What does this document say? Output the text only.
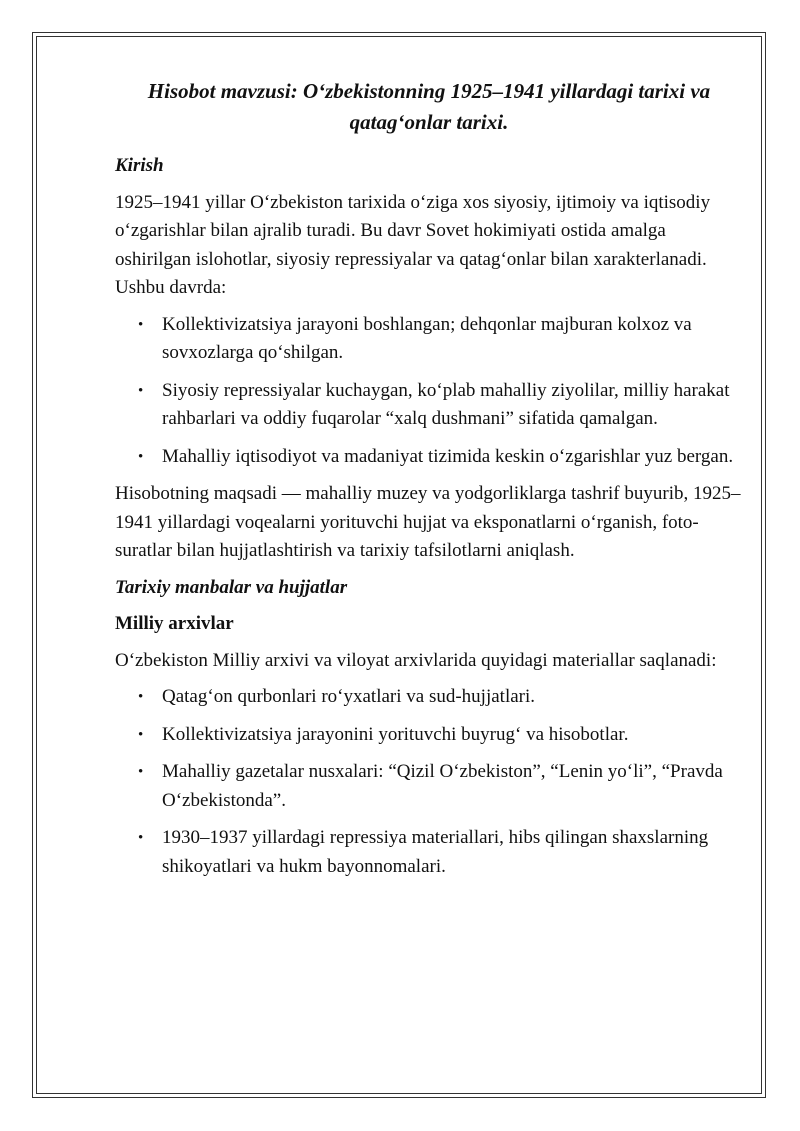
Hisobot mavzusi: O‘zbekistonning 1925–1941 yillardagi tarixi va qatag‘onlar tarixi.
Kirish

1925–1941 yillar O‘zbekiston tarixida o‘ziga xos siyosiy, ijtimoiy va iqtisodiy o‘zgarishlar bilan ajralib turadi. Bu davr Sovet hokimiyati ostida amalga oshirilgan islohotlar, siyosiy repressiyalar va qatag‘onlar bilan xarakterlanadi.
Ushbu davrda:

• Kollektivizatsiya jarayoni boshlangan; dehqonlar majburan kolxoz va sovxozlarga qo‘shilgan.
• Siyosiy repressiyalar kuchaygan, ko‘plab mahalliy ziyolilar, milliy harakat rahbarlari va oddiy fuqarolar “xalq dushmani” sifatida qamalgan.
• Mahalliy iqtisodiyot va madaniyat tizimida keskin o‘zgarishlar yuz bergan.

Hisobotning maqsadi — mahalliy muzey va yodgorliklarga tashrif buyurib, 1925–1941 yillardagi voqealarni yorituvchi hujjat va eksponatlarni o‘rganish, foto-suratlar bilan hujjatlashtirish va tarixiy tafsilotlarni aniqlash.

Tarixiy manbalar va hujjatlar
Milliy arxivlar

O‘zbekiston Milliy arxivi va viloyat arxivlarida quyidagi materiallar saqlanadi:

• Qatag‘on qurbonlari ro‘yxatlari va sud-hujjatlari.
• Kollektivizatsiya jarayonini yorituvchi buyrug‘ va hisobotlar.
• Mahalliy gazetalar nusxalari: “Qizil O‘zbekiston”, “Lenin yo‘li”, “Pravda O‘zbekistonda”.
• 1930–1937 yillardagi repressiya materiallari, hibs qilingan shaxslarning shikoyatlari va hukm bayonnomalari.
